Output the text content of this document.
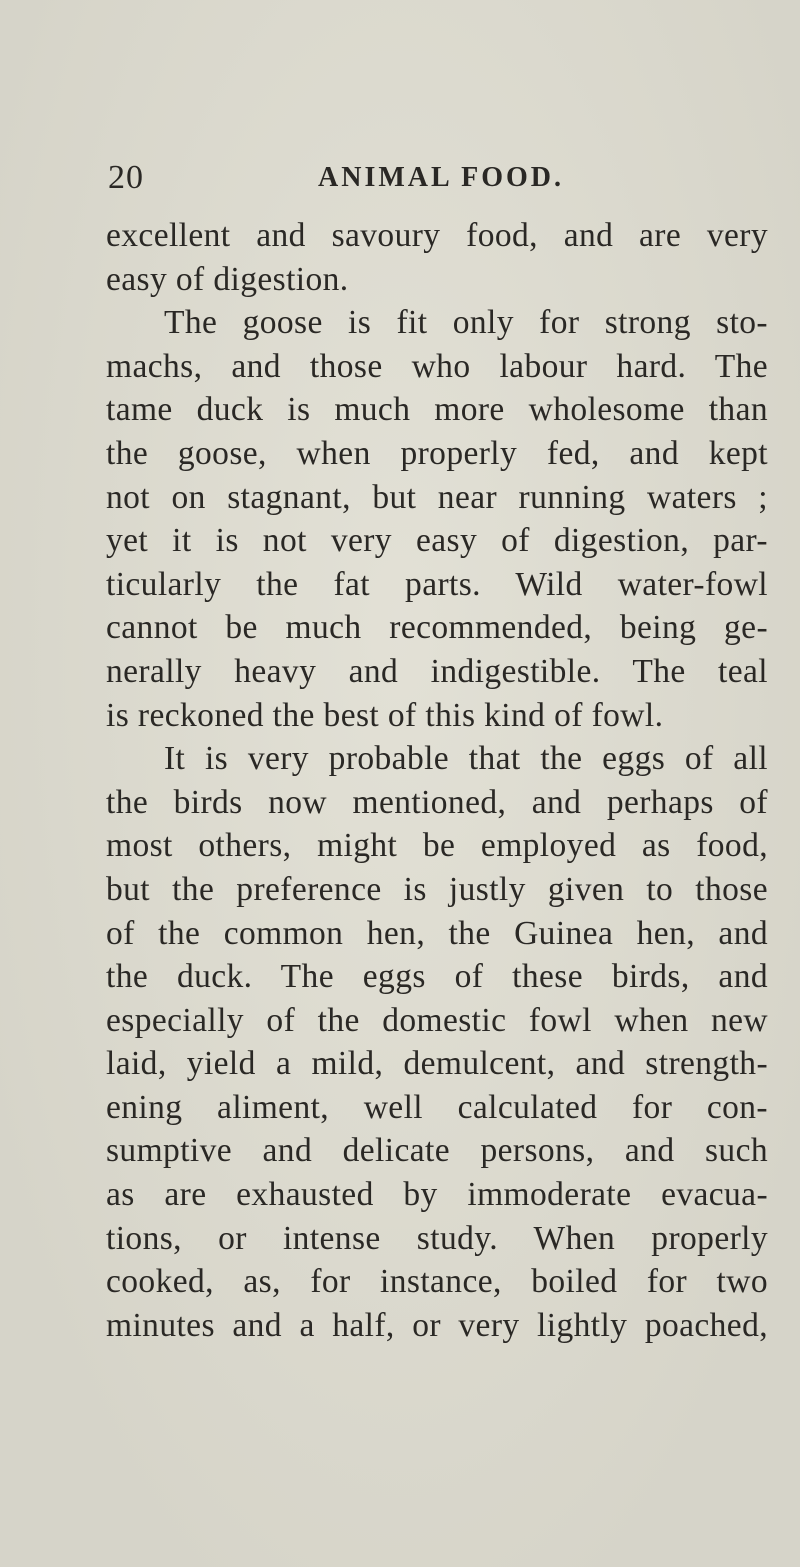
20	ANIMAL FOOD.
excellent and savoury food, and are very
easy of digestion.
The goose is fit only for strong sto-
machs, and those who labour hard. The
tame duck is much more wholesome than
the goose, when properly fed, and kept
not on stagnant, but near running waters ;
yet it is not very easy of digestion, par-
ticularly the fat parts. Wild water-fowl
cannot be much recommended, being ge-
nerally heavy and indigestible. The teal
is reckoned the best of this kind of fowl.
It is very probable that the eggs of all
the birds now mentioned, and perhaps of
most others, might be employed as food,
but the preference is justly given to those
of the common hen, the Guinea hen, and
the duck. The eggs of these birds, and
especially of the domestic fowl when new
laid, yield a mild, demulcent, and strength-
ening aliment, well calculated for con-
sumptive and delicate persons, and such
as are exhausted by immoderate evacua-
tions, or intense study. When properly
cooked, as, for instance, boiled for two
minutes and a half, or very lightly poached,
